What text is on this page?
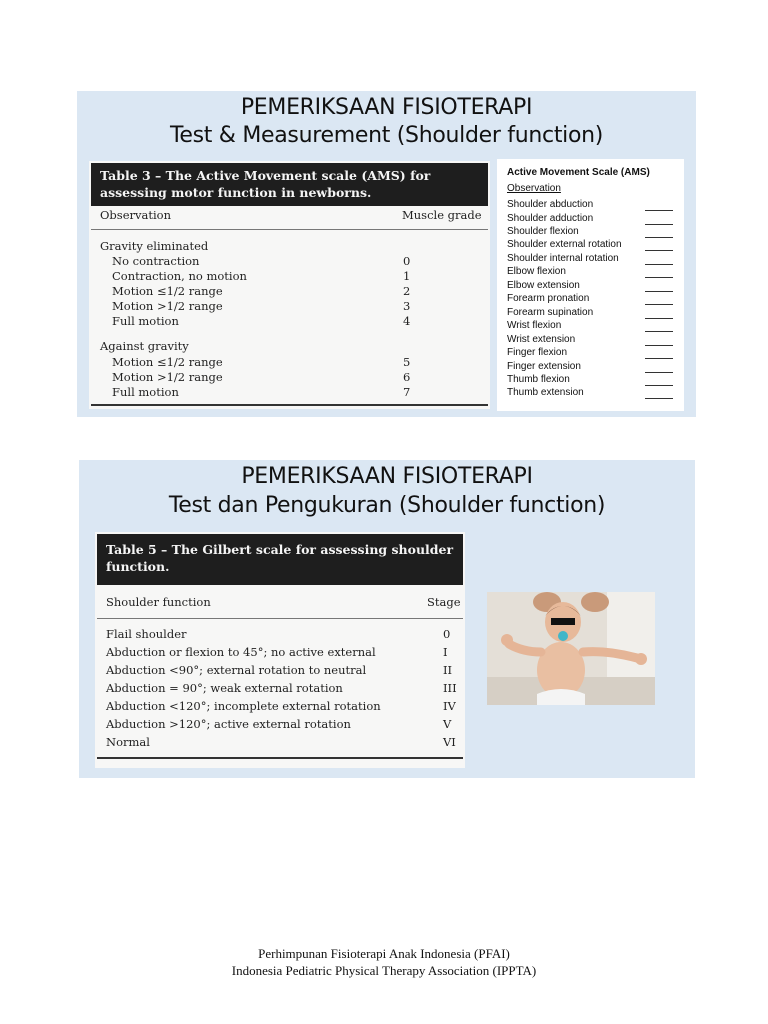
PEMERIKSAAN FISIOTERAPI
Test & Measurement (Shoulder function)
Table 3 – The Active Movement scale (AMS) for assessing motor function in newborns.
Observation	Muscle grade
Gravity eliminated
No contraction	0
Contraction, no motion	1
Motion ≤1/2 range	2
Motion >1/2 range	3
Full motion	4
Against gravity
Motion ≤1/2 range	5
Motion >1/2 range	6
Full motion	7
Active Movement Scale (AMS)
Observation
Shoulder abduction
Shoulder adduction
Shoulder flexion
Shoulder external rotation
Shoulder internal rotation
Elbow flexion
Elbow extension
Forearm pronation
Forearm supination
Wrist flexion
Wrist extension
Finger flexion
Finger extension
Thumb flexion
Thumb extension
PEMERIKSAAN FISIOTERAPI
Test dan Pengukuran (Shoulder function)
Table 5 – The Gilbert scale for assessing shoulder
function.
Shoulder function	Stage
Flail shoulder	0
Abduction or flexion to 45°; no active external	I
Abduction <90°; external rotation to neutral	II
Abduction = 90°; weak external rotation	III
Abduction <120°; incomplete external rotation	IV
Abduction >120°; active external rotation	V
Normal	VI
Perhimpunan Fisioterapi Anak Indonesia (PFAI)
Indonesia Pediatric Physical Therapy Association (IPPTA)
